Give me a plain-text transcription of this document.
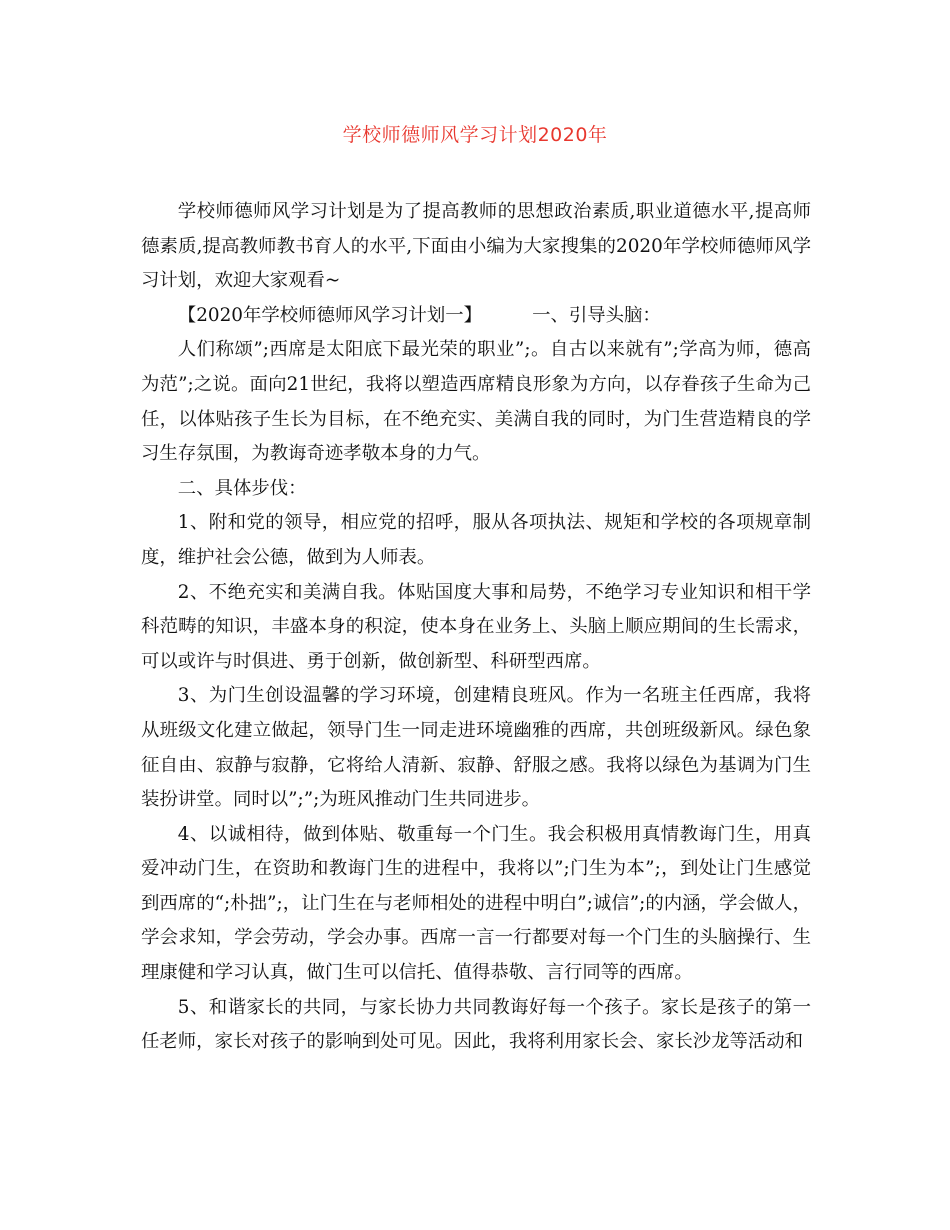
学校师德师风学习计划2020年

学校师德师风学习计划是为了提高教师的思想政治素质,职业道德水平,提高师德素质,提高教师教书育人的水平,下面由小编为大家搜集的2020年学校师德师风学习计划，欢迎大家观看~

【2020年学校师德师风学习计划一】	一、引导头脑：

人们称颂”;西席是太阳底下最光荣的职业”;。自古以来就有”;学高为师，德高为范”;之说。面向21世纪，我将以塑造西席精良形象为方向，以存眷孩子生命为己任，以体贴孩子生长为目标，在不绝充实、美满自我的同时，为门生营造精良的学习生存氛围，为教诲奇迹孝敬本身的力气。

二、具体步伐：

1、附和党的领导，相应党的招呼，服从各项执法、规矩和学校的各项规章制度，维护社会公德，做到为人师表。

2、不绝充实和美满自我。体贴国度大事和局势，不绝学习专业知识和相干学科范畴的知识，丰盛本身的积淀，使本身在业务上、头脑上顺应期间的生长需求，可以或许与时俱进、勇于创新，做创新型、科研型西席。

3、为门生创设温馨的学习环境，创建精良班风。作为一名班主任西席，我将从班级文化建立做起，领导门生一同走进环境幽雅的西席，共创班级新风。绿色象征自由、寂静与寂静，它将给人清新、寂静、舒服之感。我将以绿色为基调为门生装扮讲堂。同时以”;”;为班风推动门生共同进步。

4、以诚相待，做到体贴、敬重每一个门生。我会积极用真情教诲门生，用真爱冲动门生，在资助和教诲门生的进程中，我将以”;门生为本”;，到处让门生感觉到西席的“;朴拙”;，让门生在与老师相处的进程中明白”;诚信”;的内涵，学会做人，学会求知，学会劳动，学会办事。西席一言一行都要对每一个门生的头脑操行、生理康健和学习认真，做门生可以信托、值得恭敬、言行同等的西席。

5、和谐家长的共同，与家长协力共同教诲好每一个孩子。家长是孩子的第一任老师，家长对孩子的影响到处可见。因此，我将利用家长会、家长沙龙等活动和
